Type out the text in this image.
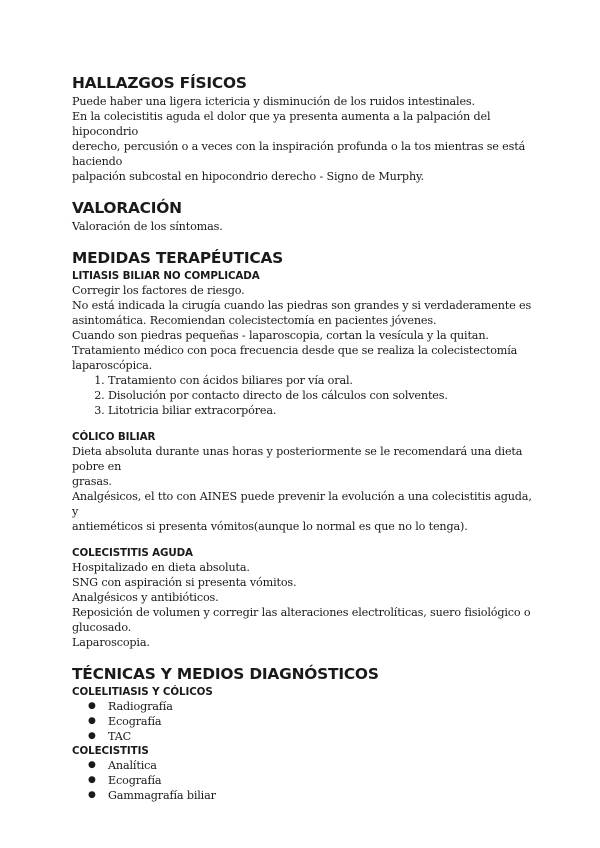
HALLAZGOS FÍSICOS

Puede haber una ligera ictericia y disminución de los ruidos intestinales.

En la colecistitis aguda el dolor que ya presenta aumenta a la palpación del hipocondrio

derecho, percusión o a veces con la inspiración profunda o la tos mientras se está haciendo

palpación subcostal en hipocondrio derecho - Signo de Murphy.

VALORACIÓN

Valoración de los síntomas.

MEDIDAS TERAPÉUTICAS
LITIASIS BILIAR NO COMPLICADA

Corregir los factores de riesgo.

No está indicada la cirugía cuando las piedras son grandes y si verdaderamente es

asintomática. Recomiendan colecistectomía en pacientes jóvenes.

Cuando son piedras pequeñas - laparoscopia, cortan la vesícula y la quitan.

Tratamiento médico con poca frecuencia desde que se realiza la colecistectomía

laparoscópica.

1. Tratamiento con ácidos biliares por vía oral.
2. Disolución por contacto directo de los cálculos con solventes.
3. Litotricia biliar extracorpórea.
CÓLICO BILIAR

Dieta absoluta durante unas horas y posteriormente se le recomendará una dieta pobre en

grasas.

Analgésicos, el tto con AINES puede prevenir la evolución a una colecistitis aguda, y

antieméticos si presenta vómitos(aunque lo normal es que no lo tenga).

COLECISTITIS AGUDA

Hospitalizado en dieta absoluta.

SNG con aspiración si presenta vómitos.

Analgésicos y antibióticos.

Reposición de volumen y corregir las alteraciones electrolíticas, suero fisiológico o

glucosado.

Laparoscopia.

TÉCNICAS Y MEDIOS DIAGNÓSTICOS
COLELITIASIS Y CÓLICOS
● Radiografía
● Ecografía
● TAC
COLECISTITIS
● Analítica
● Ecografía
● Gammagrafía biliar
